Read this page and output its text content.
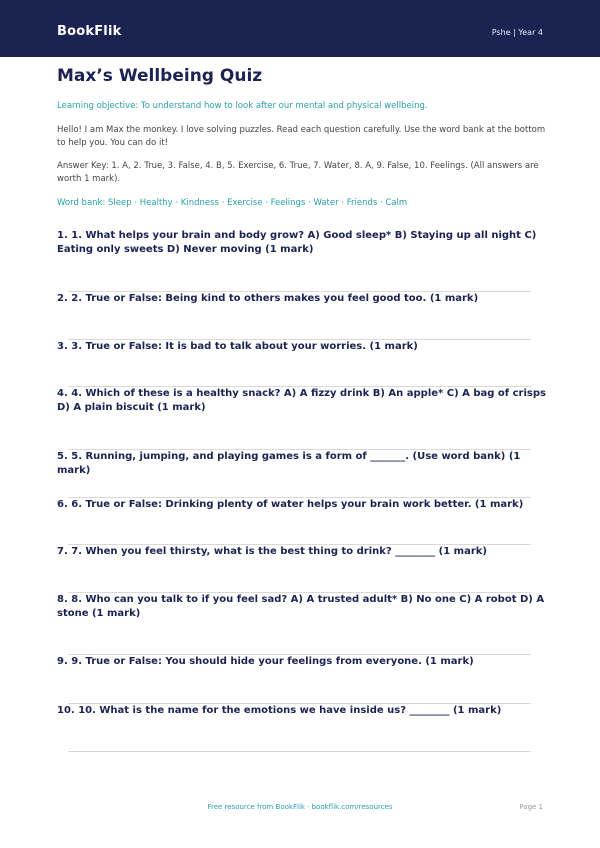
BookFlik	Pshe | Year 4
Max’s Wellbeing Quiz
Learning objective: To understand how to look after our mental and physical wellbeing.
Hello! I am Max the monkey. I love solving puzzles. Read each question carefully. Use the word bank at the bottom to help you. You can do it!
Answer Key: 1. A, 2. True, 3. False, 4. B, 5. Exercise, 6. True, 7. Water, 8. A, 9. False, 10. Feelings. (All answers are worth 1 mark).
Word bank: Sleep · Healthy · Kindness · Exercise · Feelings · Water · Friends · Calm
1. 1. What helps your brain and body grow? A) Good sleep* B) Staying up all night C) Eating only sweets D) Never moving (1 mark)
2. 2. True or False: Being kind to others makes you feel good too. (1 mark)
3. 3. True or False: It is bad to talk about your worries. (1 mark)
4. 4. Which of these is a healthy snack? A) A fizzy drink B) An apple* C) A bag of crisps D) A plain biscuit (1 mark)
5. 5. Running, jumping, and playing games is a form of _______. (Use word bank) (1 mark)
6. 6. True or False: Drinking plenty of water helps your brain work better. (1 mark)
7. 7. When you feel thirsty, what is the best thing to drink? ________ (1 mark)
8. 8. Who can you talk to if you feel sad? A) A trusted adult* B) No one C) A robot D) A stone (1 mark)
9. 9. True or False: You should hide your feelings from everyone. (1 mark)
10. 10. What is the name for the emotions we have inside us? ________ (1 mark)
Free resource from BookFlik · bookflik.com/resources	Page 1
